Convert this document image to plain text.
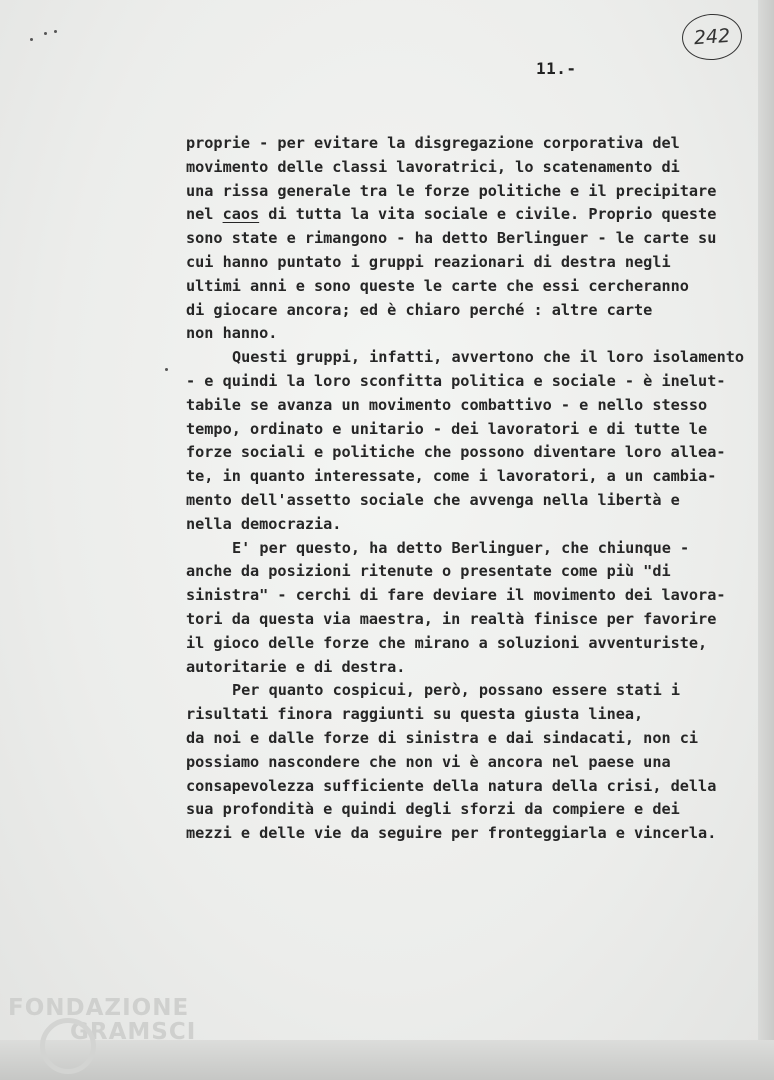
242
11.-
proprie - per evitare la disgregazione corporativa del
movimento delle classi lavoratrici, lo scatenamento di
una rissa generale tra le forze politiche e il precipitare
nel caos di tutta la vita sociale e civile. Proprio queste
sono state e rimangono - ha detto Berlinguer - le carte su
cui hanno puntato i gruppi reazionari di destra negli
ultimi anni e sono queste le carte che essi cercheranno
di giocare ancora; ed è chiaro perché : altre carte
non hanno.
Questi gruppi, infatti, avvertono che il loro isolamento
- e quindi la loro sconfitta politica e sociale - è inelut-
tabile se avanza un movimento combattivo - e nello stesso
tempo, ordinato e unitario - dei lavoratori e di tutte le
forze sociali e politiche che possono diventare loro allea-
te, in quanto interessate, come i lavoratori, a un cambia-
mento dell'assetto sociale che avvenga nella libertà e
nella democrazia.
E' per questo, ha detto Berlinguer, che chiunque -
anche da posizioni ritenute o presentate come più "di
sinistra" - cerchi di fare deviare il movimento dei lavora-
tori da questa via maestra, in realtà finisce per favorire
il gioco delle forze che mirano a soluzioni avventuriste,
autoritarie e di destra.
Per quanto cospicui, però, possano essere stati i
risultati finora raggiunti su questa giusta linea,
da noi e dalle forze di sinistra e dai sindacati, non ci
possiamo nascondere che non vi è ancora nel paese una
consapevolezza sufficiente della natura della crisi, della
sua profondità e quindi degli sforzi da compiere e dei
mezzi e delle vie da seguire per fronteggiarla e vincerla.
FONDAZIONE
GRAMSCI
